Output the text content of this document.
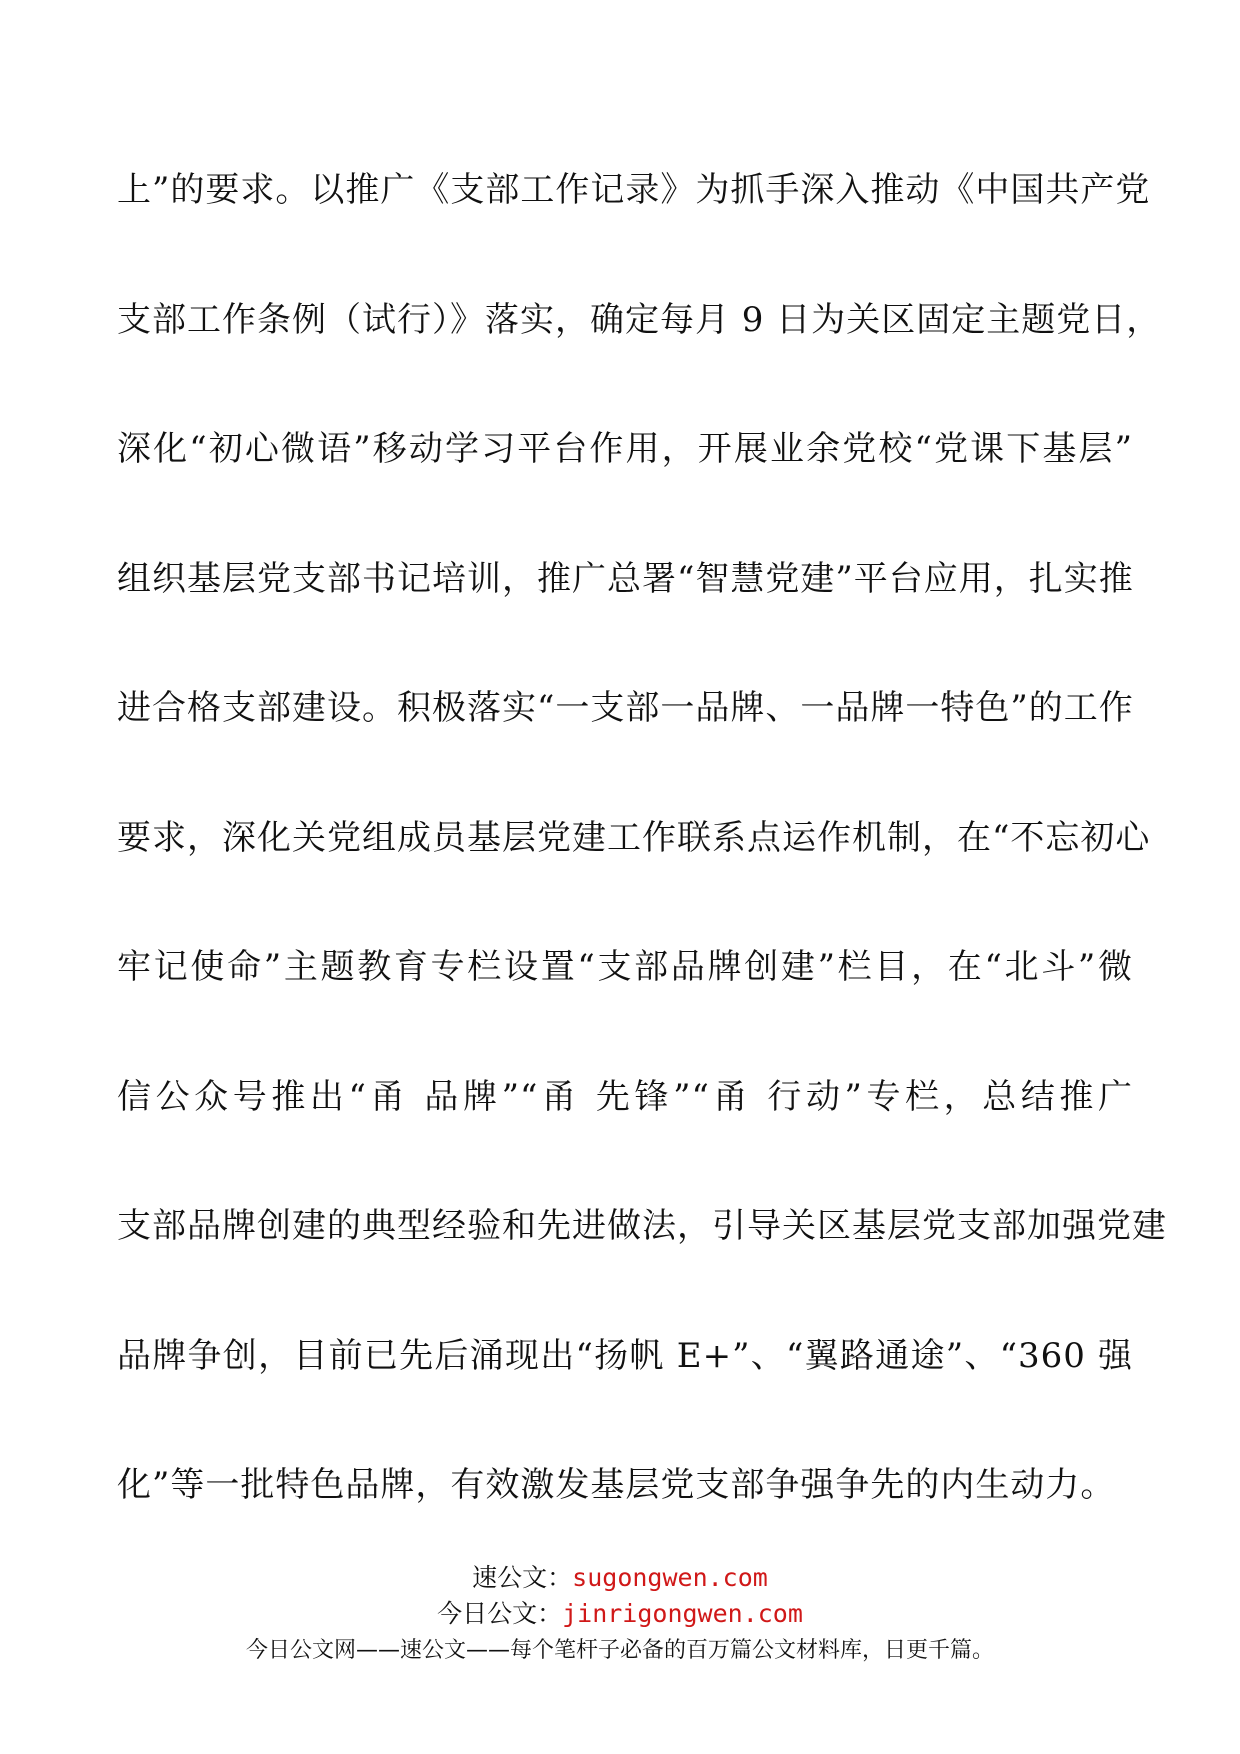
上”的要求。以推广《支部工作记录》为抓手深入推动《中国共产党
支部工作条例（试行）》落实，确定每月 9 日为关区固定主题党日，
深化“初心微语”移动学习平台作用，开展业余党校“党课下基层”
组织基层党支部书记培训，推广总署“智慧党建”平台应用，扎实推
进合格支部建设。积极落实“一支部一品牌、一品牌一特色”的工作
要求，深化关党组成员基层党建工作联系点运作机制，在“不忘初心
牢记使命”主题教育专栏设置“支部品牌创建”栏目，在“北斗”微
信公众号推出“甬 品牌”“甬 先锋”“甬 行动”专栏，总结推广
支部品牌创建的典型经验和先进做法，引导关区基层党支部加强党建
品牌争创，目前已先后涌现出“扬帆 E+”、“翼路通途”、“360 强
化”等一批特色品牌，有效激发基层党支部争强争先的内生动力。
速公文：sugongwen.com
今日公文：jinrigongwen.com
今日公文网——速公文——每个笔杆子必备的百万篇公文材料库，日更千篇。
